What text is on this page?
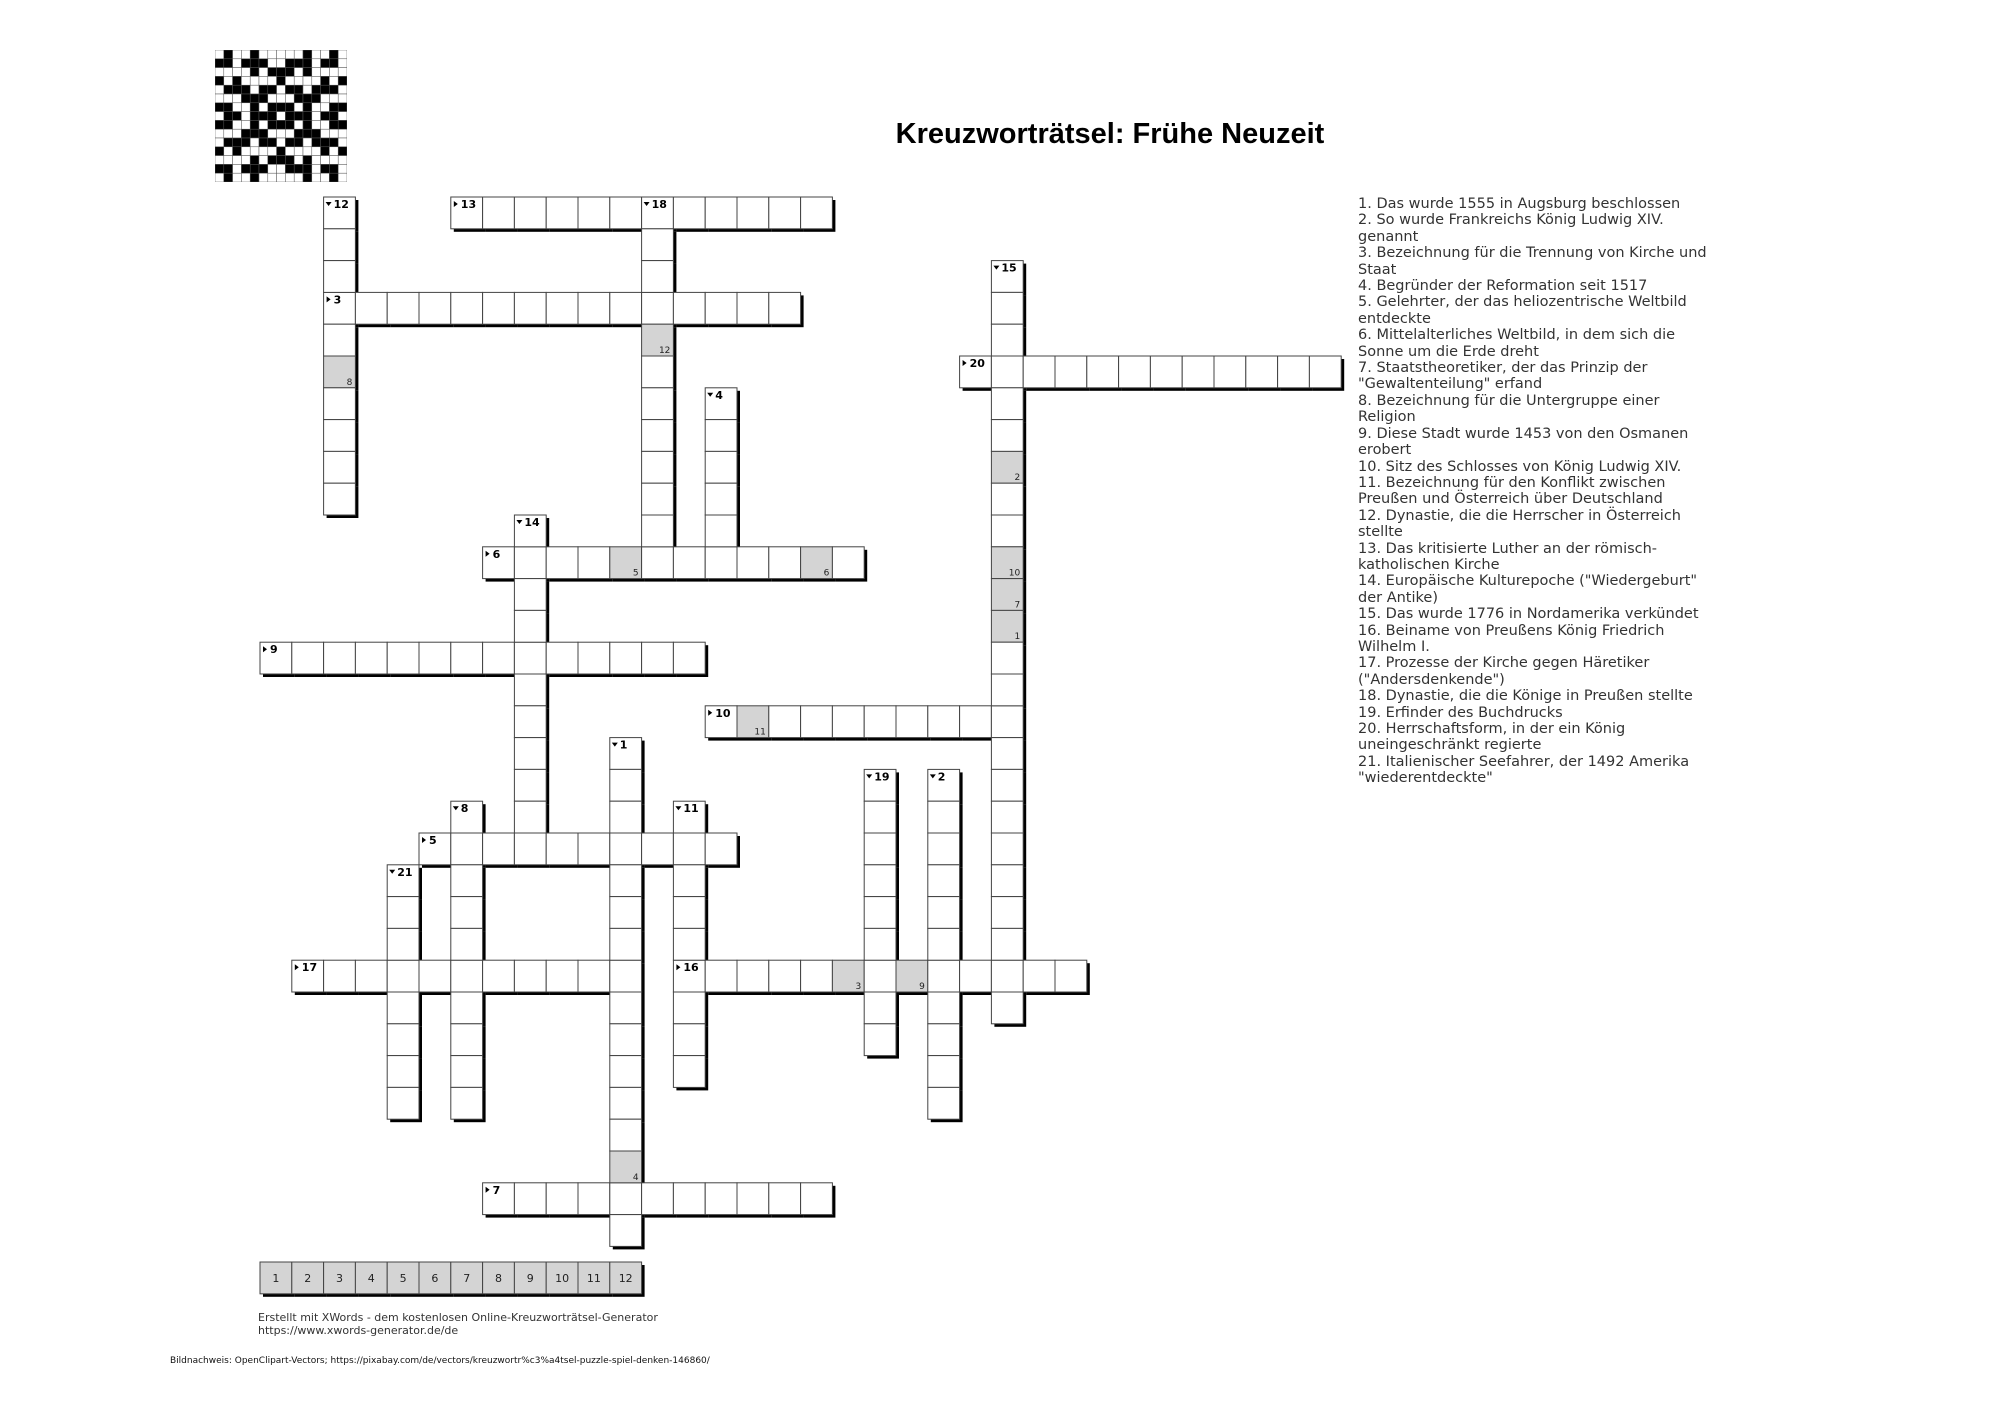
Kreuzworträtsel: Frühe Neuzeit
1
2
3
4
5	6
7
8
9
10
11
12
13
3
20
6
9
10
5
17	16
7
12	18
15
4
14
1
19	2
8	11
21
1 2 3 4 5 6 7 8 9 10 11 12
1. Das wurde 1555 in Augsburg beschlossen
2. So wurde Frankreichs König Ludwig XIV. genannt
3. Bezeichnung für die Trennung von Kirche und Staat
4. Begründer der Reformation seit 1517
5. Gelehrter, der das heliozentrische Weltbild entdeckte
6. Mittelalterliches Weltbild, in dem sich die Sonne um die Erde dreht
7. Staatstheoretiker, der das Prinzip der "Gewaltenteilung" erfand
8. Bezeichnung für die Untergruppe einer Religion
9. Diese Stadt wurde 1453 von den Osmanen erobert
10. Sitz des Schlosses von König Ludwig XIV.
11. Bezeichnung für den Konflikt zwischen Preußen und Österreich über Deutschland
12. Dynastie, die die Herrscher in Österreich stellte
13. Das kritisierte Luther an der römisch-katholischen Kirche
14. Europäische Kulturepoche ("Wiedergeburt" der Antike)
15. Das wurde 1776 in Nordamerika verkündet
16. Beiname von Preußens König Friedrich Wilhelm I.
17. Prozesse der Kirche gegen Häretiker ("Andersdenkende")
18. Dynastie, die die Könige in Preußen stellte
19. Erfinder des Buchdrucks
20. Herrschaftsform, in der ein König uneingeschränkt regierte
21. Italienischer Seefahrer, der 1492 Amerika "wiederentdeckte"
Erstellt mit XWords - dem kostenlosen Online-Kreuzworträtsel-Generator
https://www.xwords-generator.de/de
Bildnachweis: OpenClipart-Vectors; https://pixabay.com/de/vectors/kreuzwortr%c3%a4tsel-puzzle-spiel-denken-146860/
